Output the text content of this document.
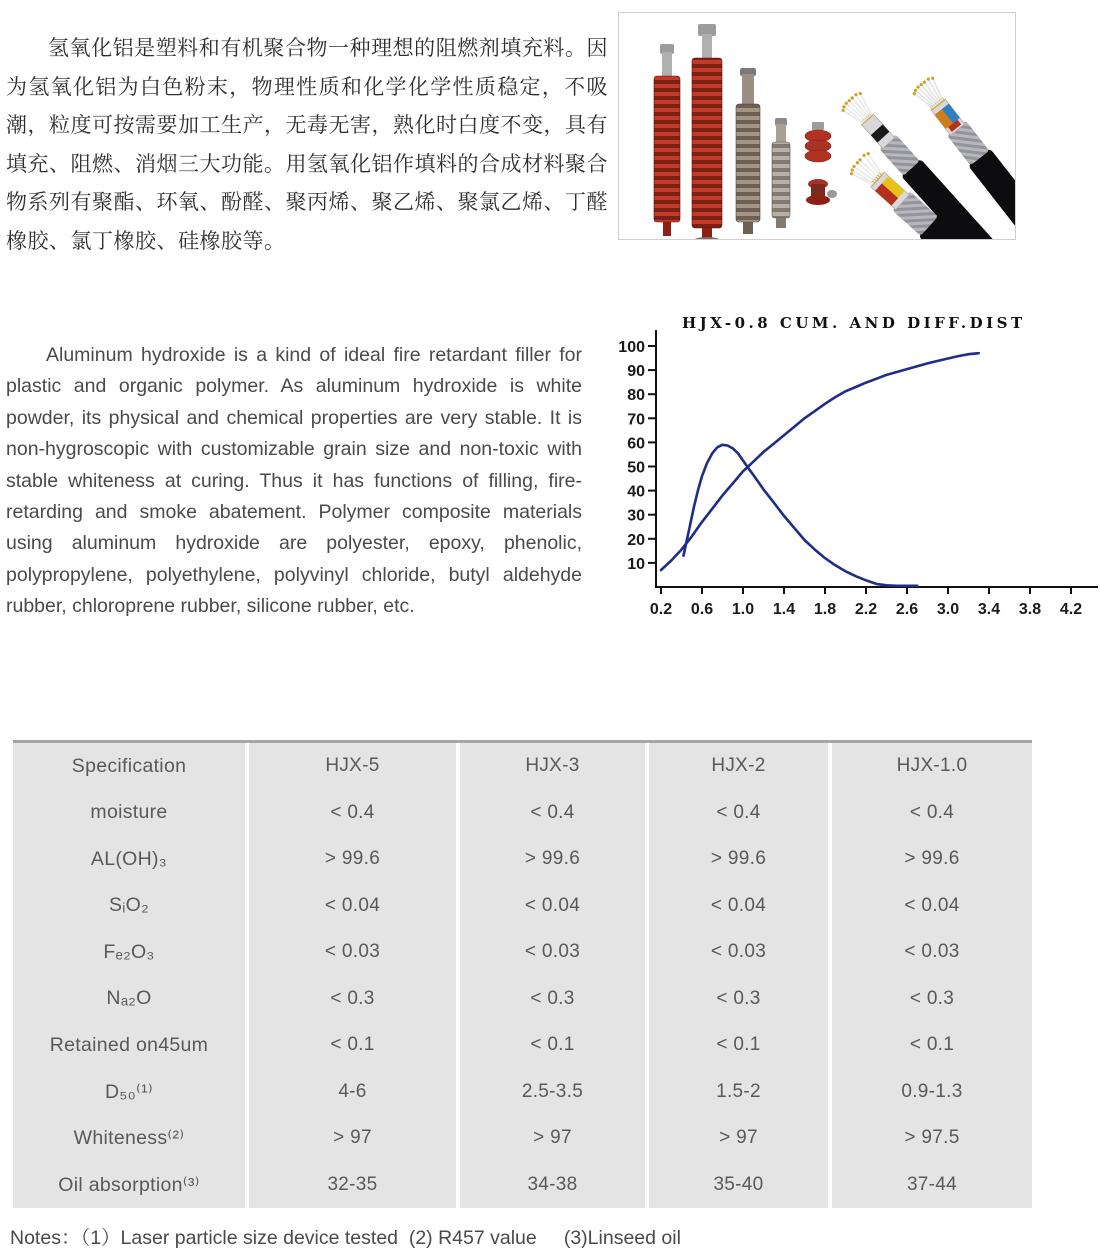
氢氧化铝是塑料和有机聚合物一种理想的阻燃剂填充料。因为氢氧化铝为白色粉末，物理性质和化学化学性质稳定，不吸潮，粒度可按需要加工生产，无毒无害，熟化时白度不变，具有填充、阻燃、消烟三大功能。用氢氧化铝作填料的合成材料聚合物系列有聚酯、环氧、酚醛、聚丙烯、聚乙烯、聚氯乙烯、丁醛橡胶、氯丁橡胶、硅橡胶等。

Aluminum hydroxide is a kind of ideal fire retardant filler for plastic and organic polymer. As aluminum hydroxide is white powder, its physical and chemical properties are very stable. It is non-hygroscopic with customizable grain size and non-toxic with stable whiteness at curing. Thus it has functions of filling, fire-retarding and smoke abatement. Polymer composite materials using aluminum hydroxide are polyester, epoxy, phenolic, polypropylene, polyethylene, polyvinyl chloride, butyl aldehyde rubber, chloroprene rubber, silicone rubber, etc.

10
20
30
40
50
60
70
80
90
100
0.2 0.6 1.0 1.4 1.8 2.2 2.6 3.0 3.4 3.8 4.2
HJX-0.8 CUM. AND DIFF.DIST
Specification	HJX-5	HJX-3	HJX-2	HJX-1.0
moisture	< 0.4	< 0.4	< 0.4	< 0.4
AL(OH)₃	> 99.6	> 99.6	> 99.6	> 99.6
SᵢO₂	< 0.04	< 0.04	< 0.04	< 0.04
Fₑ₂O₃	< 0.03	< 0.03	< 0.03	< 0.03
Nₐ₂O	< 0.3	< 0.3	< 0.3	< 0.3
Retained on45um	< 0.1	< 0.1	< 0.1	< 0.1
D₅₀⁽¹⁾	4-6	2.5-3.5	1.5-2	0.9-1.3
Whiteness⁽²⁾	> 97	> 97	> 97	> 97.5
Oil absorption⁽³⁾	32-35	34-38	35-40	37-44

Notes：（1）Laser particle size device tested  (2) R457 value     (3)Linseed oil
